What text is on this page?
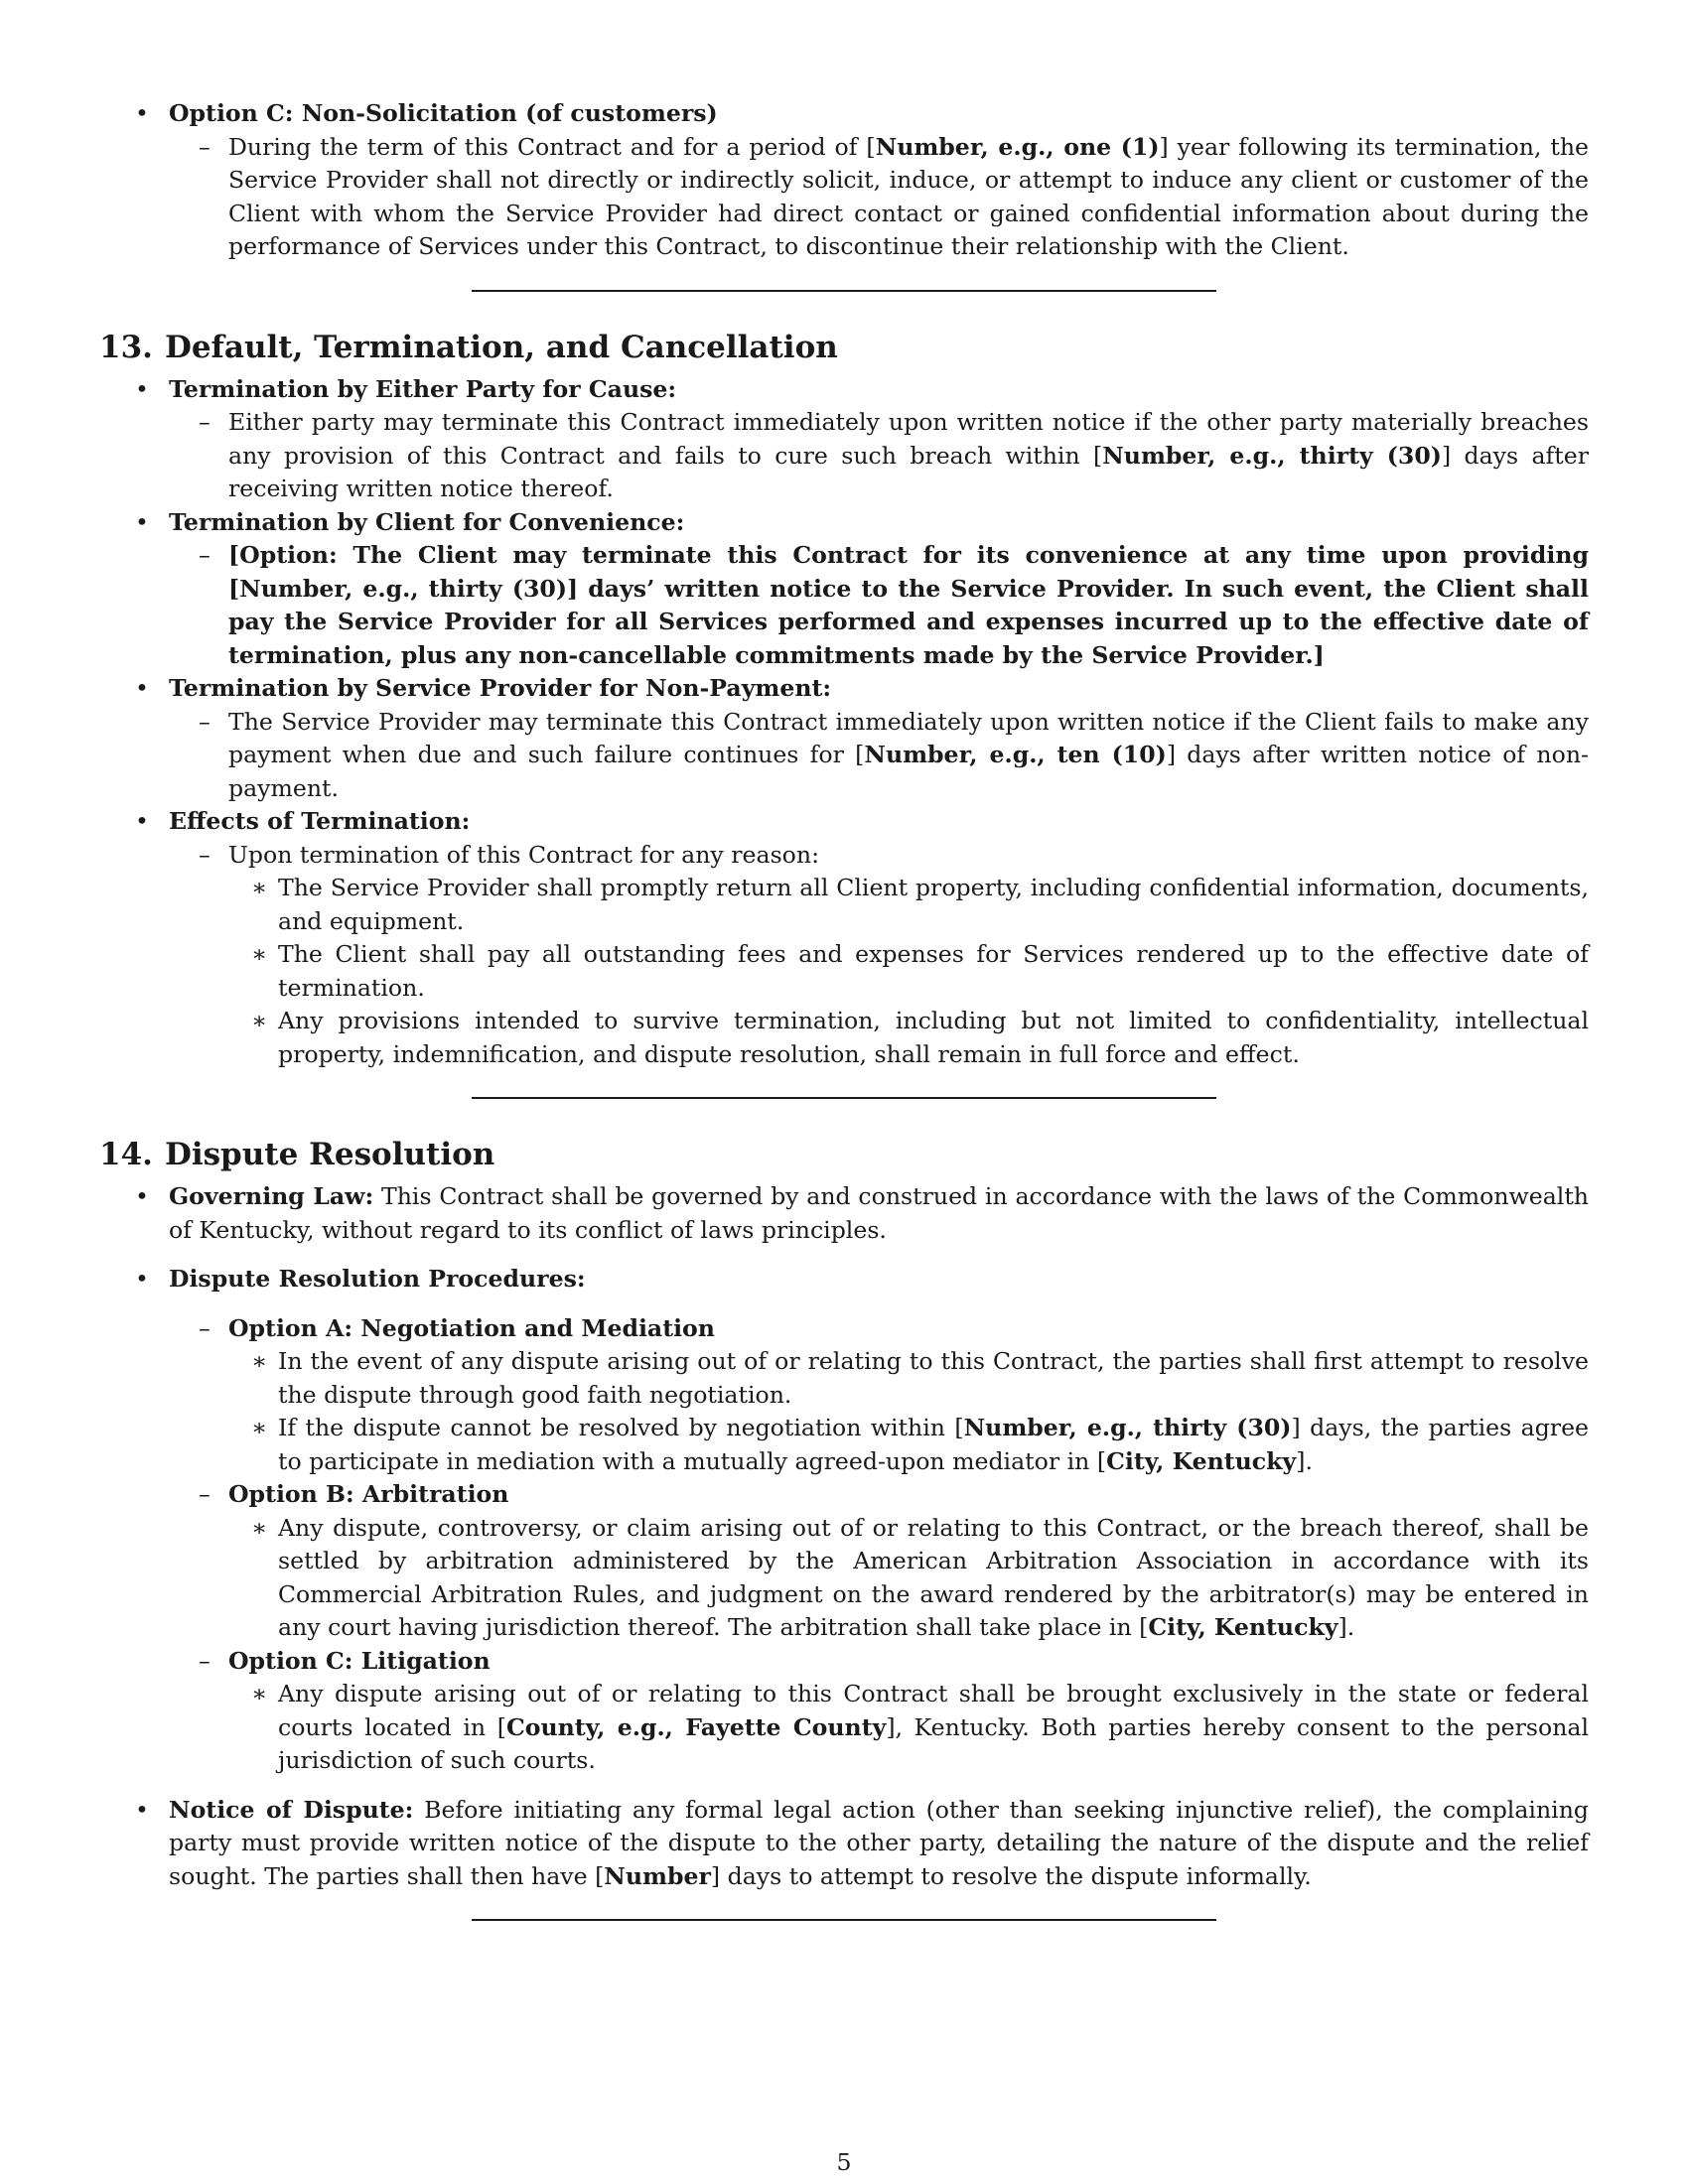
• Option C: Non-Solicitation (of customers)
– During the term of this Contract and for a period of [Number, e.g., one (1)] year following its termination, the Service Provider shall not directly or indirectly solicit, induce, or attempt to induce any client or customer of the Client with whom the Service Provider had direct contact or gained confidential information about during the performance of Services under this Contract, to discontinue their relationship with the Client.
13. Default, Termination, and Cancellation
• Termination by Either Party for Cause:
– Either party may terminate this Contract immediately upon written notice if the other party materially breaches any provision of this Contract and fails to cure such breach within [Number, e.g., thirty (30)] days after receiving written notice thereof.
• Termination by Client for Convenience:
– [Option: The Client may terminate this Contract for its convenience at any time upon providing [Number, e.g., thirty (30)] days’ written notice to the Service Provider. In such event, the Client shall pay the Service Provider for all Services performed and expenses incurred up to the effective date of termination, plus any non-cancellable commitments made by the Service Provider.]
• Termination by Service Provider for Non-Payment:
– The Service Provider may terminate this Contract immediately upon written notice if the Client fails to make any payment when due and such failure continues for [Number, e.g., ten (10)] days after written notice of non-payment.
• Effects of Termination:
– Upon termination of this Contract for any reason:
∗ The Service Provider shall promptly return all Client property, including confidential information, documents, and equipment.
∗ The Client shall pay all outstanding fees and expenses for Services rendered up to the effective date of termination.
∗ Any provisions intended to survive termination, including but not limited to confidentiality, intellectual property, indemnification, and dispute resolution, shall remain in full force and effect.
14. Dispute Resolution
• Governing Law: This Contract shall be governed by and construed in accordance with the laws of the Commonwealth of Kentucky, without regard to its conflict of laws principles.
• Dispute Resolution Procedures:
– Option A: Negotiation and Mediation
∗ In the event of any dispute arising out of or relating to this Contract, the parties shall first attempt to resolve the dispute through good faith negotiation.
∗ If the dispute cannot be resolved by negotiation within [Number, e.g., thirty (30)] days, the parties agree to participate in mediation with a mutually agreed-upon mediator in [City, Kentucky].
– Option B: Arbitration
∗ Any dispute, controversy, or claim arising out of or relating to this Contract, or the breach thereof, shall be settled by arbitration administered by the American Arbitration Association in accordance with its Commercial Arbitration Rules, and judgment on the award rendered by the arbitrator(s) may be entered in any court having jurisdiction thereof. The arbitration shall take place in [City, Kentucky].
– Option C: Litigation
∗ Any dispute arising out of or relating to this Contract shall be brought exclusively in the state or federal courts located in [County, e.g., Fayette County], Kentucky. Both parties hereby consent to the personal jurisdiction of such courts.
• Notice of Dispute: Before initiating any formal legal action (other than seeking injunctive relief), the complaining party must provide written notice of the dispute to the other party, detailing the nature of the dispute and the relief sought. The parties shall then have [Number] days to attempt to resolve the dispute informally.
5
